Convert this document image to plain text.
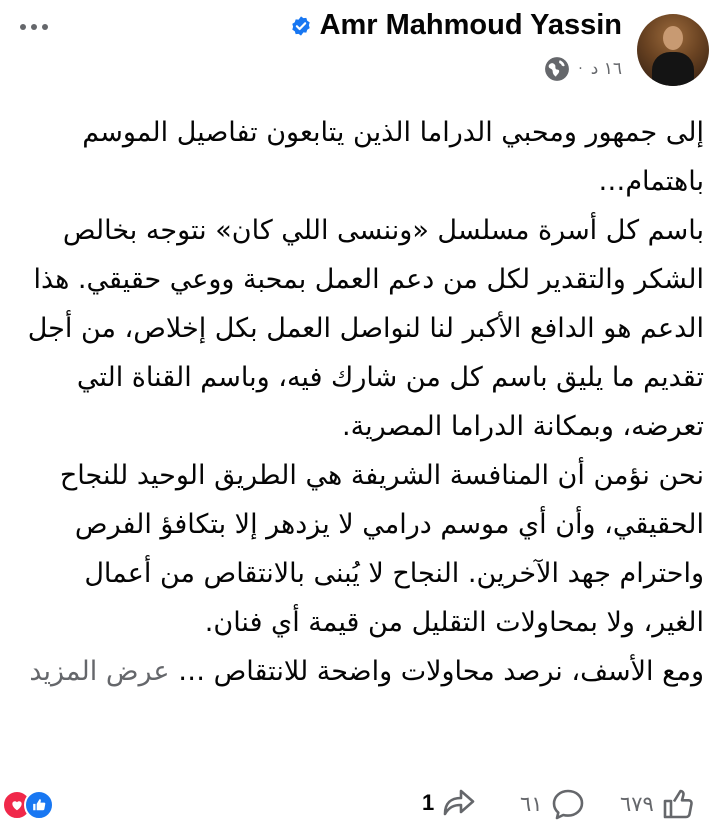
Amr Mahmoud Yassin
· ١٦ د

إلى جمهور ومحبي الدراما الذين يتابعون تفاصيل الموسم باهتمام…

باسم كل أسرة مسلسل «وننسى اللي كان» نتوجه بخالص الشكر والتقدير لكل من دعم العمل بمحبة ووعي حقيقي. هذا الدعم هو الدافع الأكبر لنا لنواصل العمل بكل إخلاص، من أجل تقديم ما يليق باسم كل من شارك فيه، وباسم القناة التي تعرضه، وبمكانة الدراما المصرية.

نحن نؤمن أن المنافسة الشريفة هي الطريق الوحيد للنجاح الحقيقي، وأن أي موسم درامي لا يزدهر إلا بتكافؤ الفرص واحترام جهد الآخرين. النجاح لا يُبنى بالانتقاص من أعمال الغير، ولا بمحاولات التقليل من قيمة أي فنان.

ومع الأسف، نرصد محاولات واضحة للانتقاص … عرض المزيد

1	٦١	٦٧٩
